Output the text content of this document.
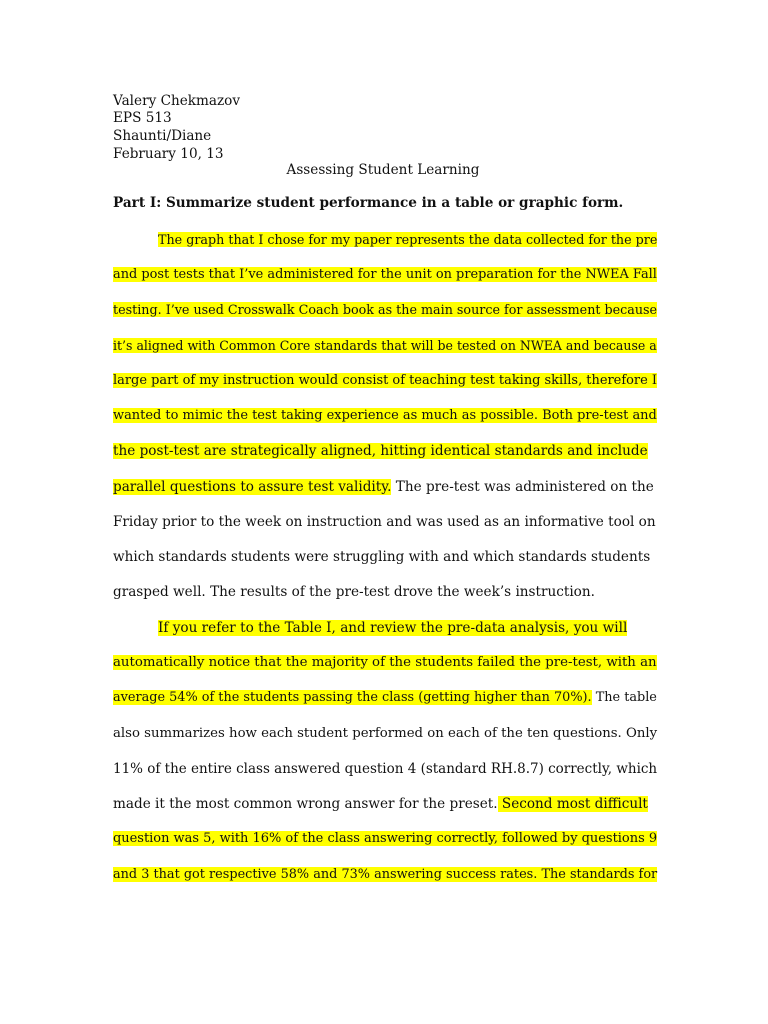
Valery Chekmazov
EPS 513
Shaunti/Diane
February 10, 13
Assessing Student Learning
Part I: Summarize student performance in a table or graphic form.
The graph that I chose for my paper represents the data collected for the pre
and post tests that I’ve administered for the unit on preparation for the NWEA Fall
testing. I’ve used Crosswalk Coach book as the main source for assessment because
it’s aligned with Common Core standards that will be tested on NWEA and because a
large part of my instruction would consist of teaching test taking skills, therefore I
wanted to mimic the test taking experience as much as possible. Both pre-test and
the post-test are strategically aligned, hitting identical standards and include
parallel questions to assure test validity. The pre-test was administered on the
Friday prior to the week on instruction and was used as an informative tool on
which standards students were struggling with and which standards students
grasped well. The results of the pre-test drove the week’s instruction.
If you refer to the Table I, and review the pre-data analysis, you will
automatically notice that the majority of the students failed the pre-test, with an
average 54% of the students passing the class (getting higher than 70%). The table
also summarizes how each student performed on each of the ten questions. Only
11% of the entire class answered question 4 (standard RH.8.7) correctly, which
made it the most common wrong answer for the preset. Second most difficult
question was 5, with 16% of the class answering correctly, followed by questions 9
and 3 that got respective 58% and 73% answering success rates. The standards for
